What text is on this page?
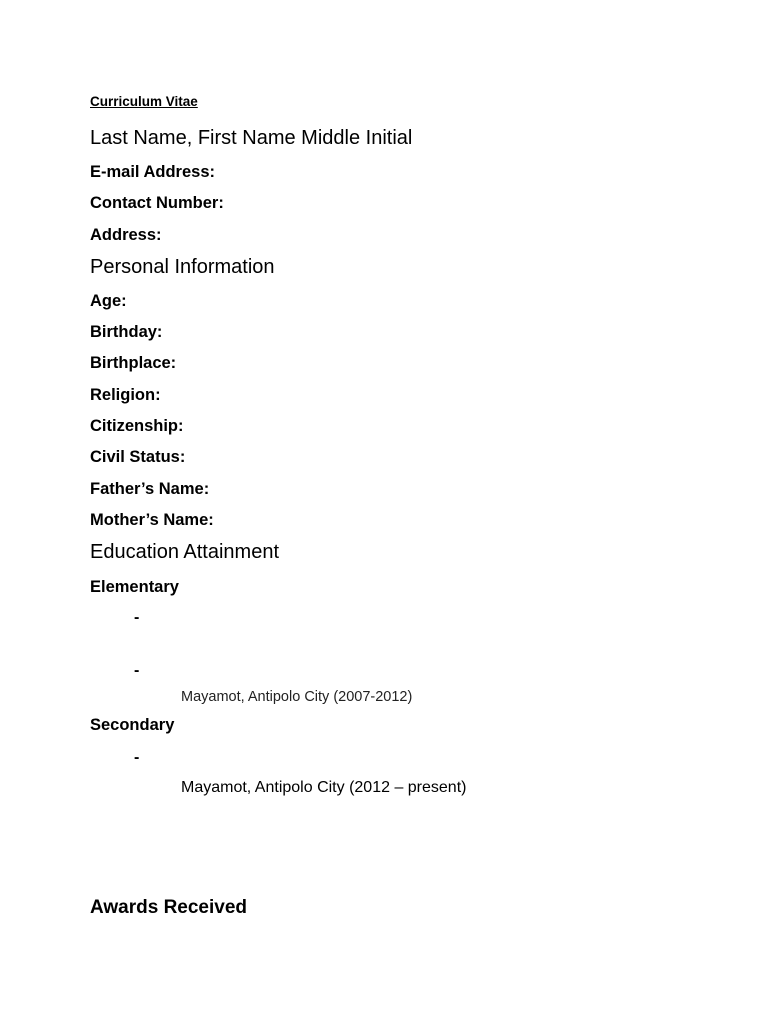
Curriculum Vitae

Last Name, First Name Middle Initial

E-mail Address:

Contact Number:

Address:

Personal Information

Age:

Birthday:

Birthplace:

Religion:

Citizenship:

Civil Status:

Father’s Name:

Mother’s Name:

Education Attainment

Elementary

-
-
Mayamot, Antipolo City (2007-2012)

Secondary

-
Mayamot, Antipolo City (2012 – present)

Awards Received
